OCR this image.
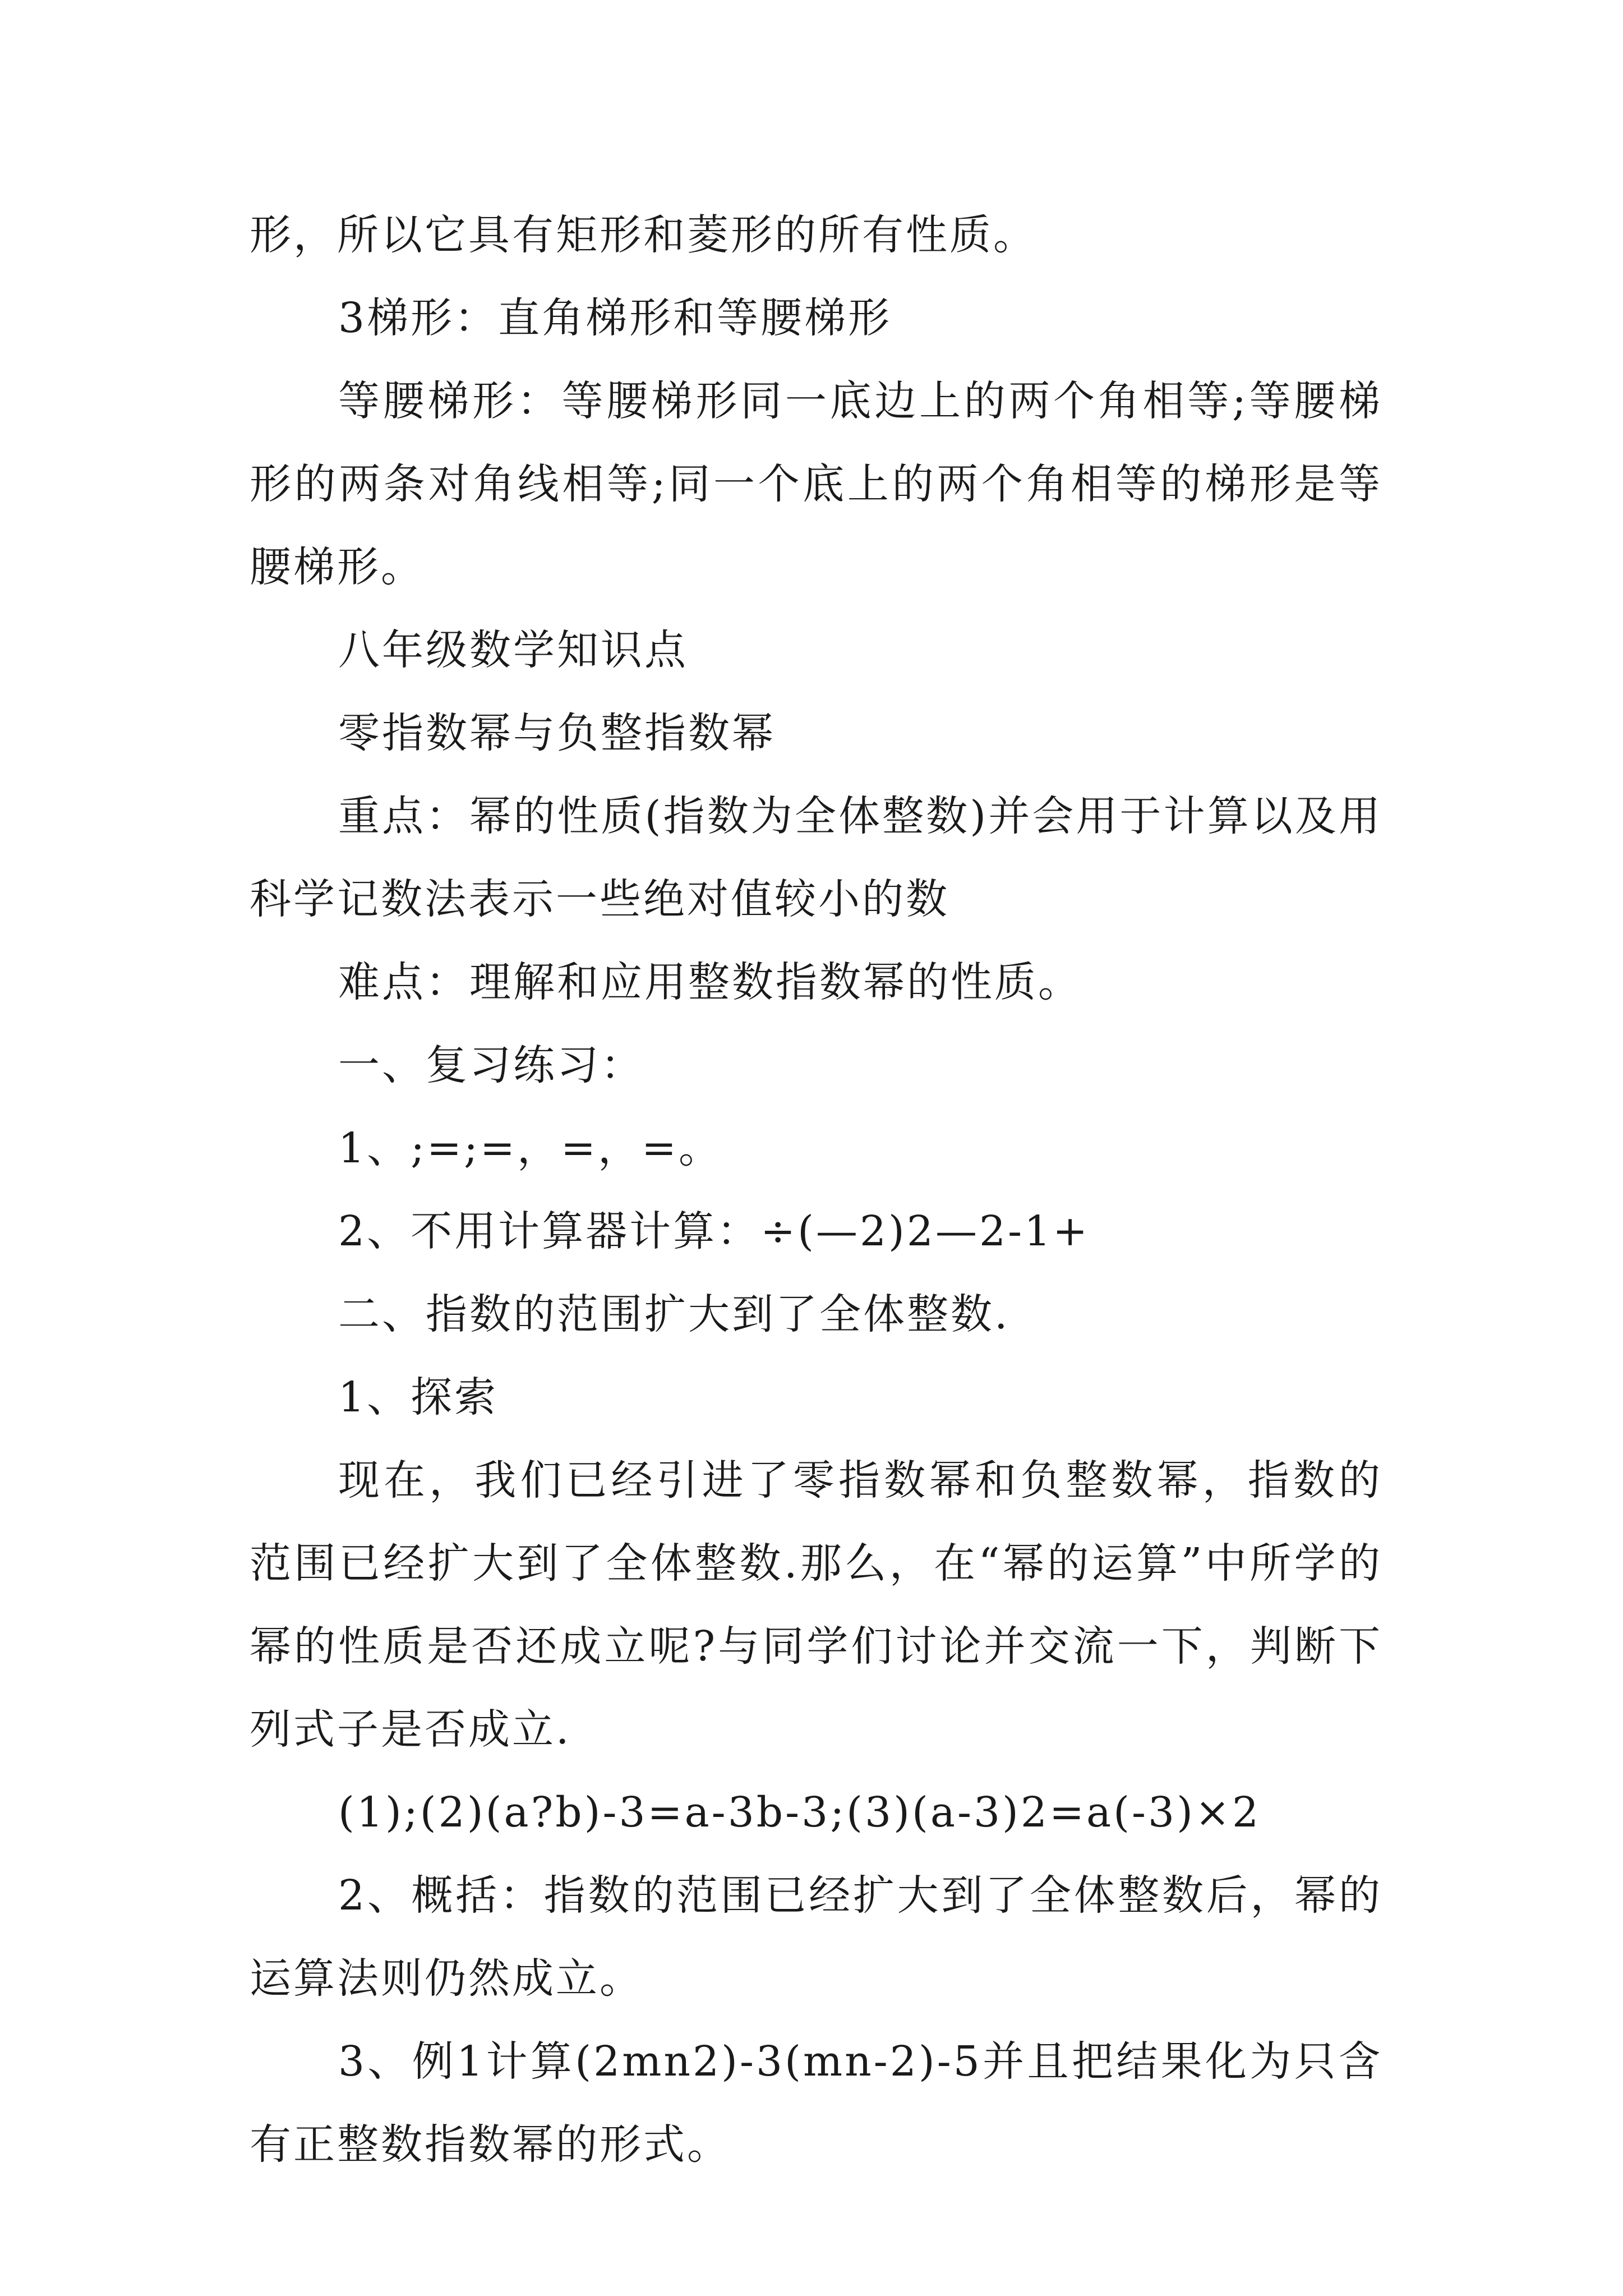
形，所以它具有矩形和菱形的所有性质。

3梯形：直角梯形和等腰梯形

等腰梯形：等腰梯形同一底边上的两个角相等;等腰梯形的两条对角线相等;同一个底上的两个角相等的梯形是等腰梯形。

八年级数学知识点

零指数幂与负整指数幂

重点：幂的性质(指数为全体整数)并会用于计算以及用科学记数法表示一些绝对值较小的数

难点：理解和应用整数指数幂的性质。

一、复习练习：

1、;=;=，=，=。

2、不用计算器计算：÷(—2)2—2-1+

二、指数的范围扩大到了全体整数.

1、探索

现在，我们已经引进了零指数幂和负整数幂，指数的范围已经扩大到了全体整数.那么，在“幂的运算”中所学的幂的性质是否还成立呢?与同学们讨论并交流一下，判断下列式子是否成立.

(1);(2)(a?b)-3=a-3b-3;(3)(a-3)2=a(-3)×2

2、概括：指数的范围已经扩大到了全体整数后，幂的运算法则仍然成立。

3、例1计算(2mn2)-3(mn-2)-5并且把结果化为只含有正整数指数幂的形式。
